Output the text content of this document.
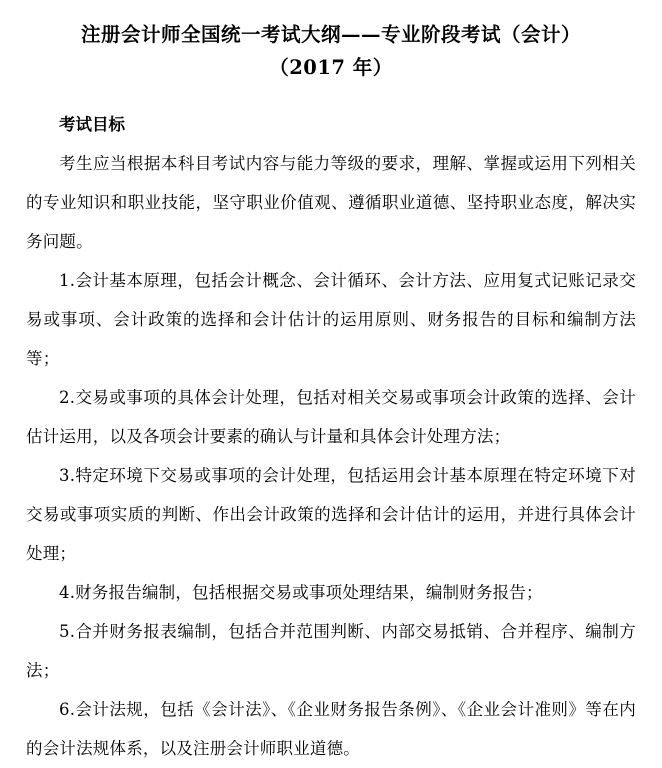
注册会计师全国统一考试大纲——专业阶段考试（会计）
（2017 年）
考试目标

考生应当根据本科目考试内容与能力等级的要求，理解、掌握或运用下列相关的专业知识和职业技能，坚守职业价值观、遵循职业道德、坚持职业态度，解决实务问题。

1.会计基本原理，包括会计概念、会计循环、会计方法、应用复式记账记录交易或事项、会计政策的选择和会计估计的运用原则、财务报告的目标和编制方法等；

2.交易或事项的具体会计处理，包括对相关交易或事项会计政策的选择、会计估计运用，以及各项会计要素的确认与计量和具体会计处理方法；

3.特定环境下交易或事项的会计处理，包括运用会计基本原理在特定环境下对交易或事项实质的判断、作出会计政策的选择和会计估计的运用，并进行具体会计处理；

4.财务报告编制，包括根据交易或事项处理结果，编制财务报告；

5.合并财务报表编制，包括合并范围判断、内部交易抵销、合并程序、编制方法；

6.会计法规，包括《会计法》、《企业财务报告条例》、《企业会计准则》等在内的会计法规体系，以及注册会计师职业道德。
